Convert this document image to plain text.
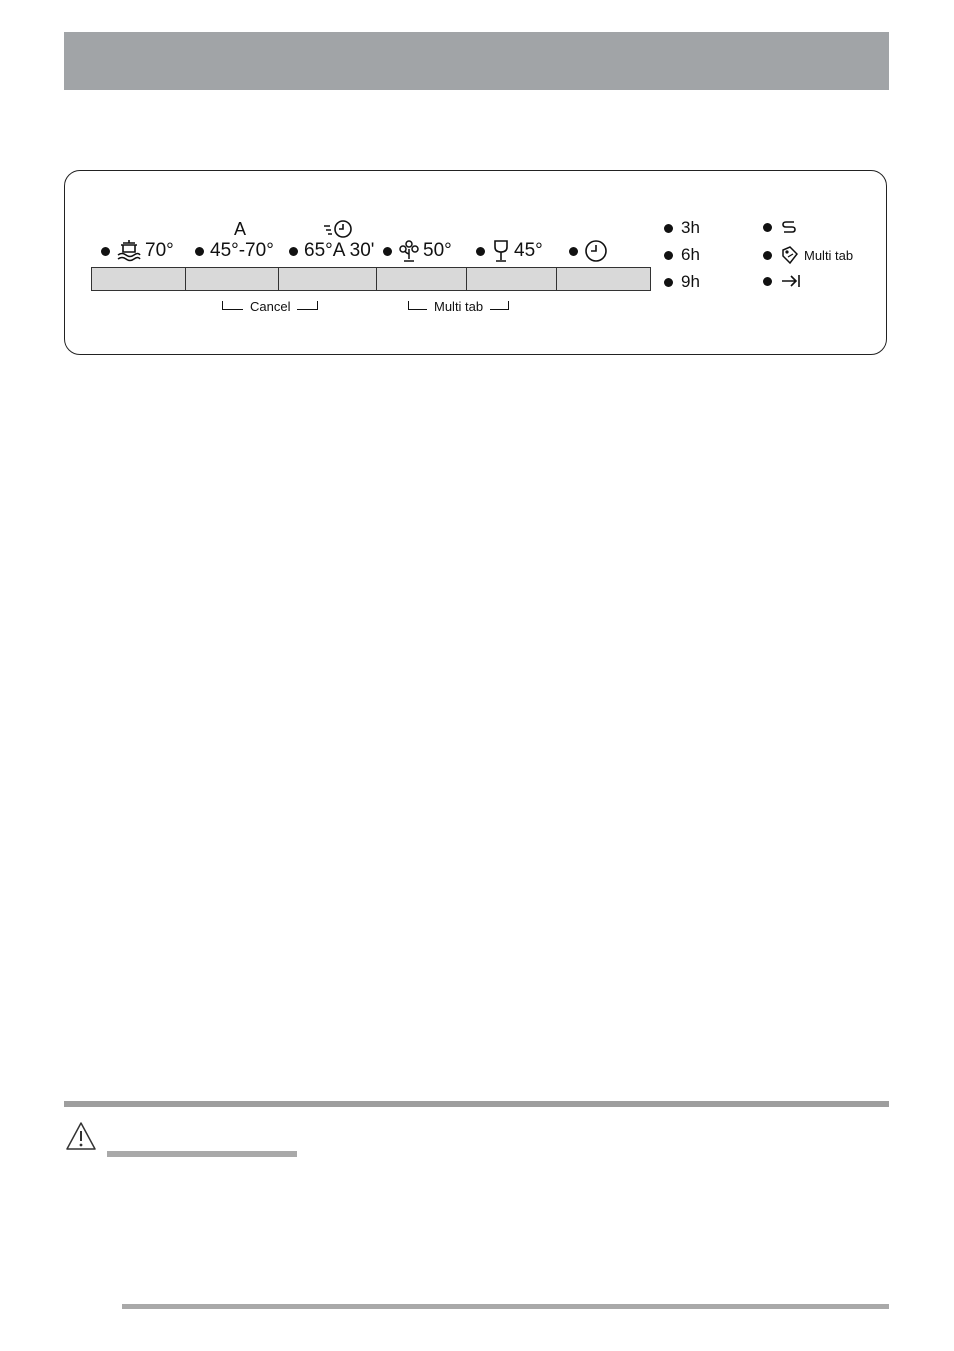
70°
A
45°-70° 65°A 30'	50°	45°
Cancel	Multi tab
3h
6h
9h
Multi tab
